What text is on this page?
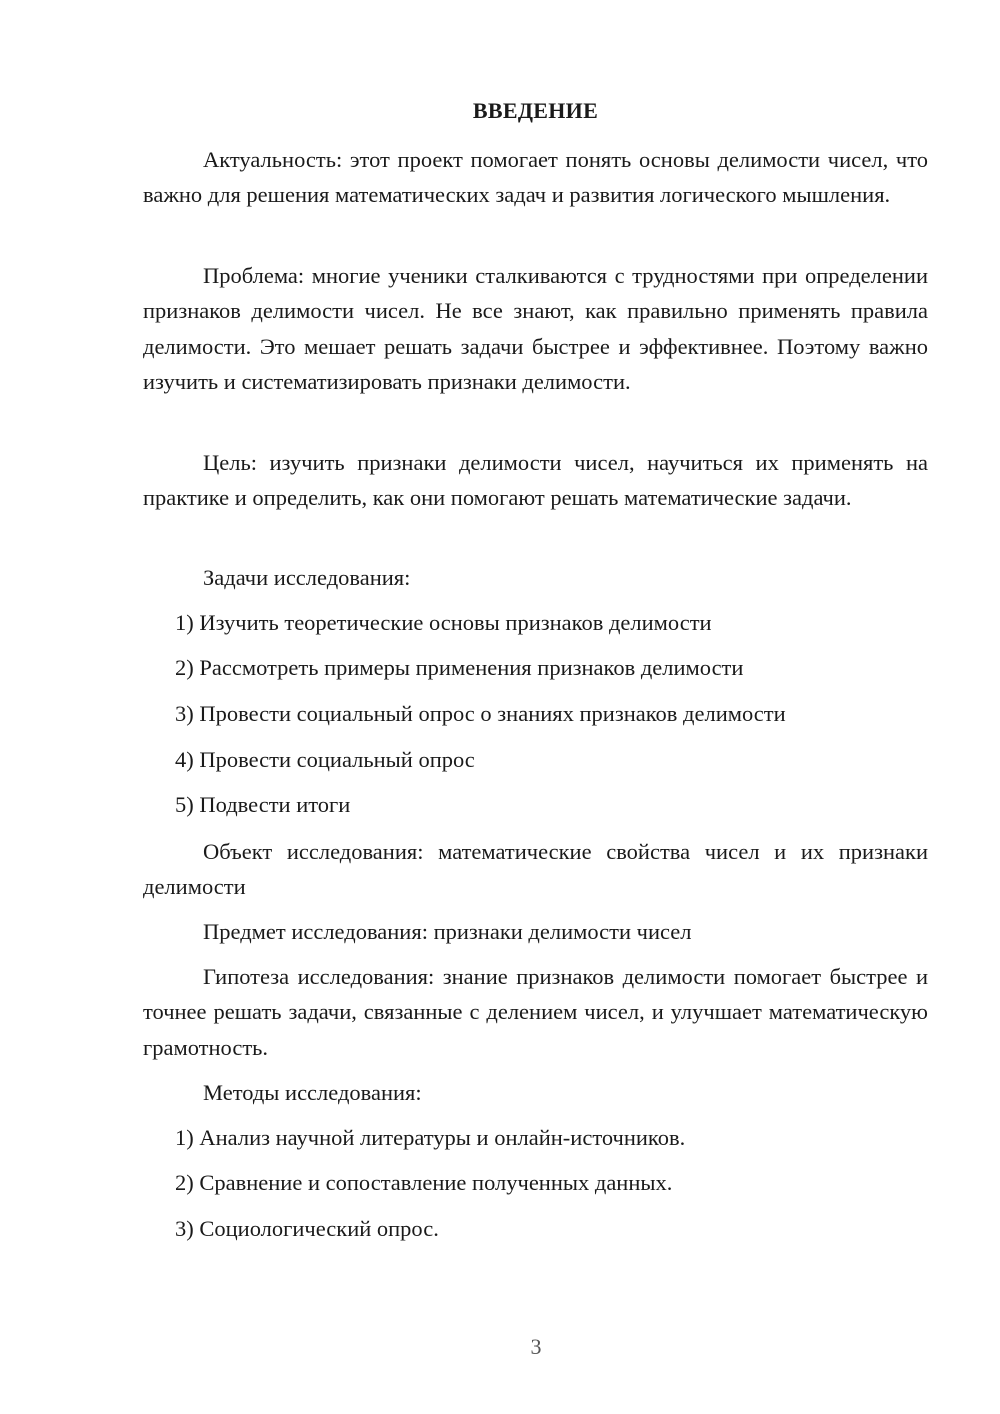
ВВЕДЕНИЕ

Актуальность: этот проект помогает понять основы делимости чисел, что важно для решения математических задач и развития логического мышления.

Проблема: многие ученики сталкиваются с трудностями при определении признаков делимости чисел. Не все знают, как правильно применять правила делимости. Это мешает решать задачи быстрее и эффективнее. Поэтому важно изучить и систематизировать признаки делимости.

Цель: изучить признаки делимости чисел, научиться их применять на практике и определить, как они помогают решать математические задачи.

Задачи исследования:

1) Изучить теоретические основы признаков делимости

2) Рассмотреть примеры применения признаков делимости

3) Провести социальный опрос о знаниях признаков делимости

4) Провести социальный опрос

5) Подвести итоги

Объект исследования: математические свойства чисел и их признаки делимости

Предмет исследования: признаки делимости чисел

Гипотеза исследования: знание признаков делимости помогает быстрее и точнее решать задачи, связанные с делением чисел, и улучшает математическую грамотность.

Методы исследования:

1) Анализ научной литературы и онлайн-источников.

2) Сравнение и сопоставление полученных данных.

3) Социологический опрос.

3
